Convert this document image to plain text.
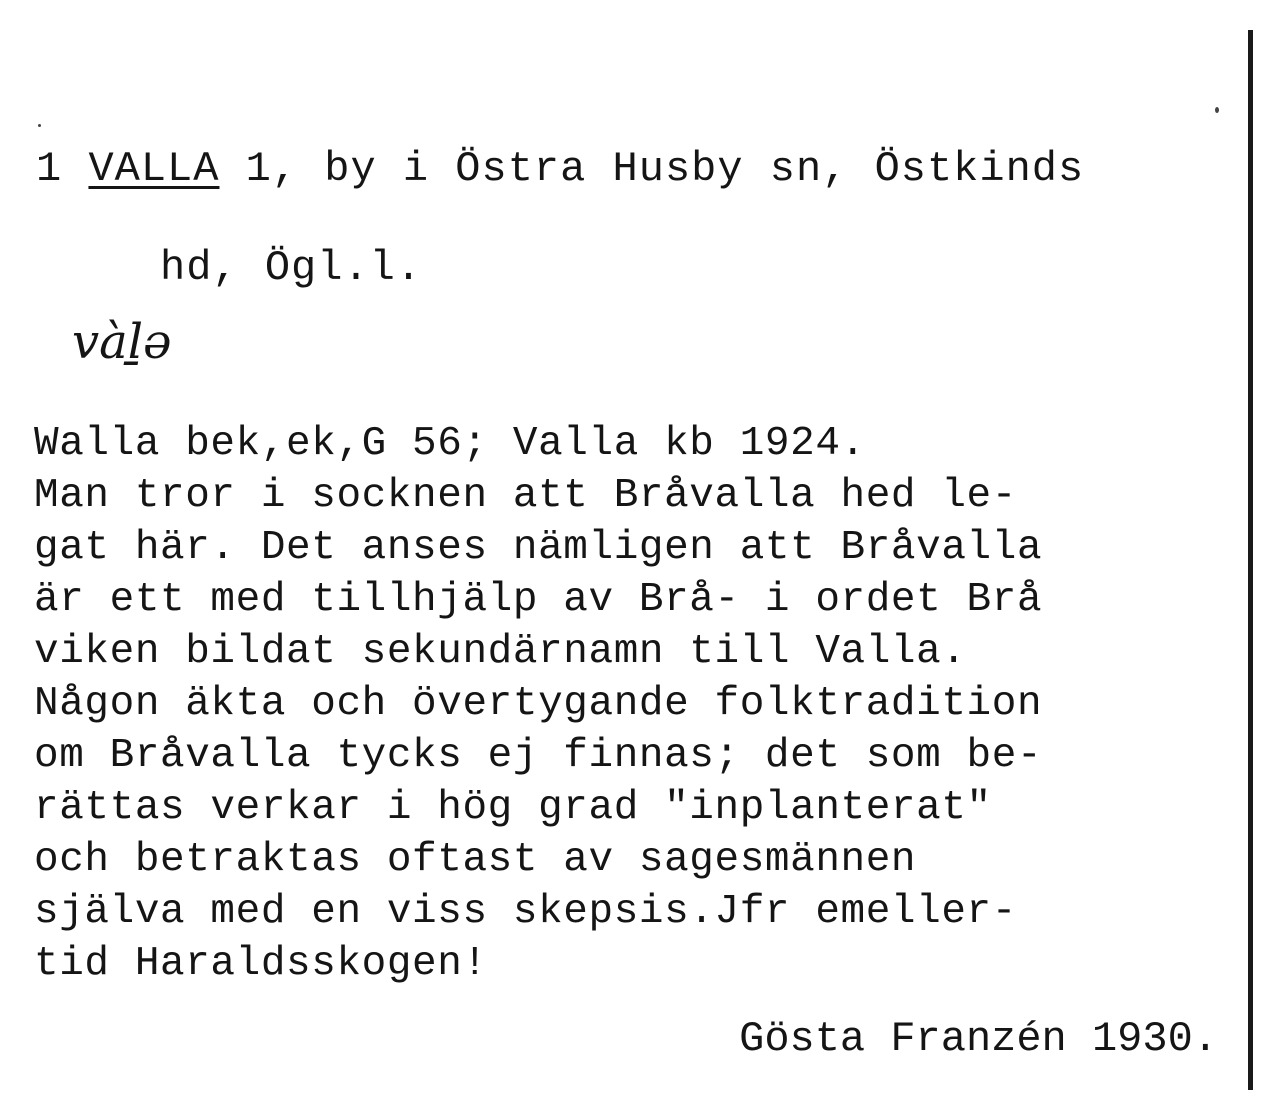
1 VALLA 1, by i Östra Husby sn, Östkinds
hd, Ögl.l.
vàḻə
Walla bek,ek,G 56; Valla kb 1924.
Man tror i socknen att Bråvalla hed le-
gat här. Det anses nämligen att Bråvalla
är ett med tillhjälp av Brå- i ordet Brå
viken bildat sekundärnamn till Valla.
Någon äkta och övertygande folktradition
om Bråvalla tycks ej finnas; det som be-
rättas verkar i hög grad "inplanterat"
och betraktas oftast av sagesmännen
själva med en viss skepsis.Jfr emeller-
tid Haraldsskogen!
Gösta Franzén 1930.
